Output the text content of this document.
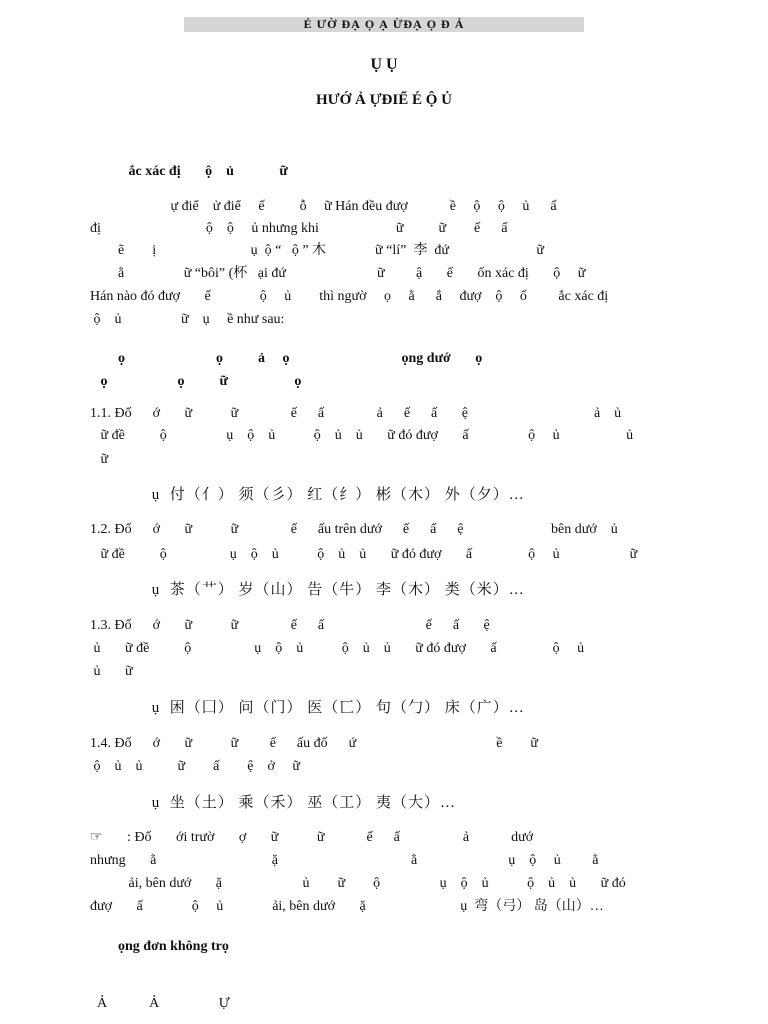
É ƯỜ ĐẠ Ọ Ạ ỪĐẠ Ọ Đ Ả
Ụ Ụ
HƯỚ Ả ỰĐIỂ É Ộ Ủ
ắc xác đị       ộ    ủ             ữ
ự điể    ử điể     ế          ỗ     ữ Hán đều đượ            ề     ộ     ộ     ủ      ấ
đị                              ộ    ộ     ủ nhưng khi                      ữ          ữ        ế      ấ
ẽ        ị                           ụ  ộ “   ộ ” 木              ữ “lí”  李  đứ                         ữ
ằ                 ữ “bôi” (杯   ại đứ                          ữ         ậ       ế       ốn xác đị       ộ     ữ
Hán nào đó đượ       ế              ộ     ủ        thì ngườ     ọ     ằ      ắ     đượ    ộ     ố         ắc xác đị
ộ    ủ                 ữ    ụ     ề như sau:
ọ                          ọ          ả     ọ                                ọng dướ       ọ
ọ                    ọ          ữ                   ọ
1.1. Đố      ớ       ữ           ữ               ế      ấ               ả      ế      ấ       ệ                                    ả    ủ
ữ đề          ộ                 ụ    ộ    ủ           ộ    ủ    ủ       ữ đó đượ       ấ                 ộ     ủ                   ủ
ữ
ụ  付（亻） 须（彡） 红（纟） 彬（木） 外（夕）…
1.2. Đố      ớ       ữ           ữ               ế      ấu trên dướ      ế      ấ      ệ                         bên dướ    ủ
ữ đề          ộ                  ụ    ộ    ủ           ộ    ủ    ủ       ữ đó đượ       ấ                ộ     ủ                    ữ
ụ  茶（艹） 岁（山） 告（牛） 李（木） 类（米）…
1.3. Đố      ớ       ữ           ữ               ế      ấ                             ế      ấ       ệ
ủ       ữ đề          ộ                  ụ    ộ    ủ           ộ    ủ    ủ       ữ đó đượ       ấ                ộ     ủ
ủ       ữ
ụ  困（囗） 问（门） 医（匸） 句（勹） 床（广）…
1.4. Đố      ớ       ữ           ữ         ế      ấu đố      ứ                                        ề        ữ
ộ    ủ    ủ          ữ        ấ        ệ    ở     ữ
ụ  坐（土） 乘（禾） 巫（工） 夷（大）…
☞       : Đố       ới trườ       ợ       ữ           ữ            ế      ấ                  ả            dướ
nhưng       ằ                                 ặ                                      ằ                          ụ    ộ     ủ         ằ
ải, bên dướ       ặ                       ủ        ữ        ộ                 ụ    ộ    ủ           ộ    ủ    ủ       ữ đó
đượ       ấ              ộ     ủ              ải, bên dướ       ặ                           ụ  弯（弓） 岛（山）…
ọng đơn không trọ
Ả            Ả                 Ự
